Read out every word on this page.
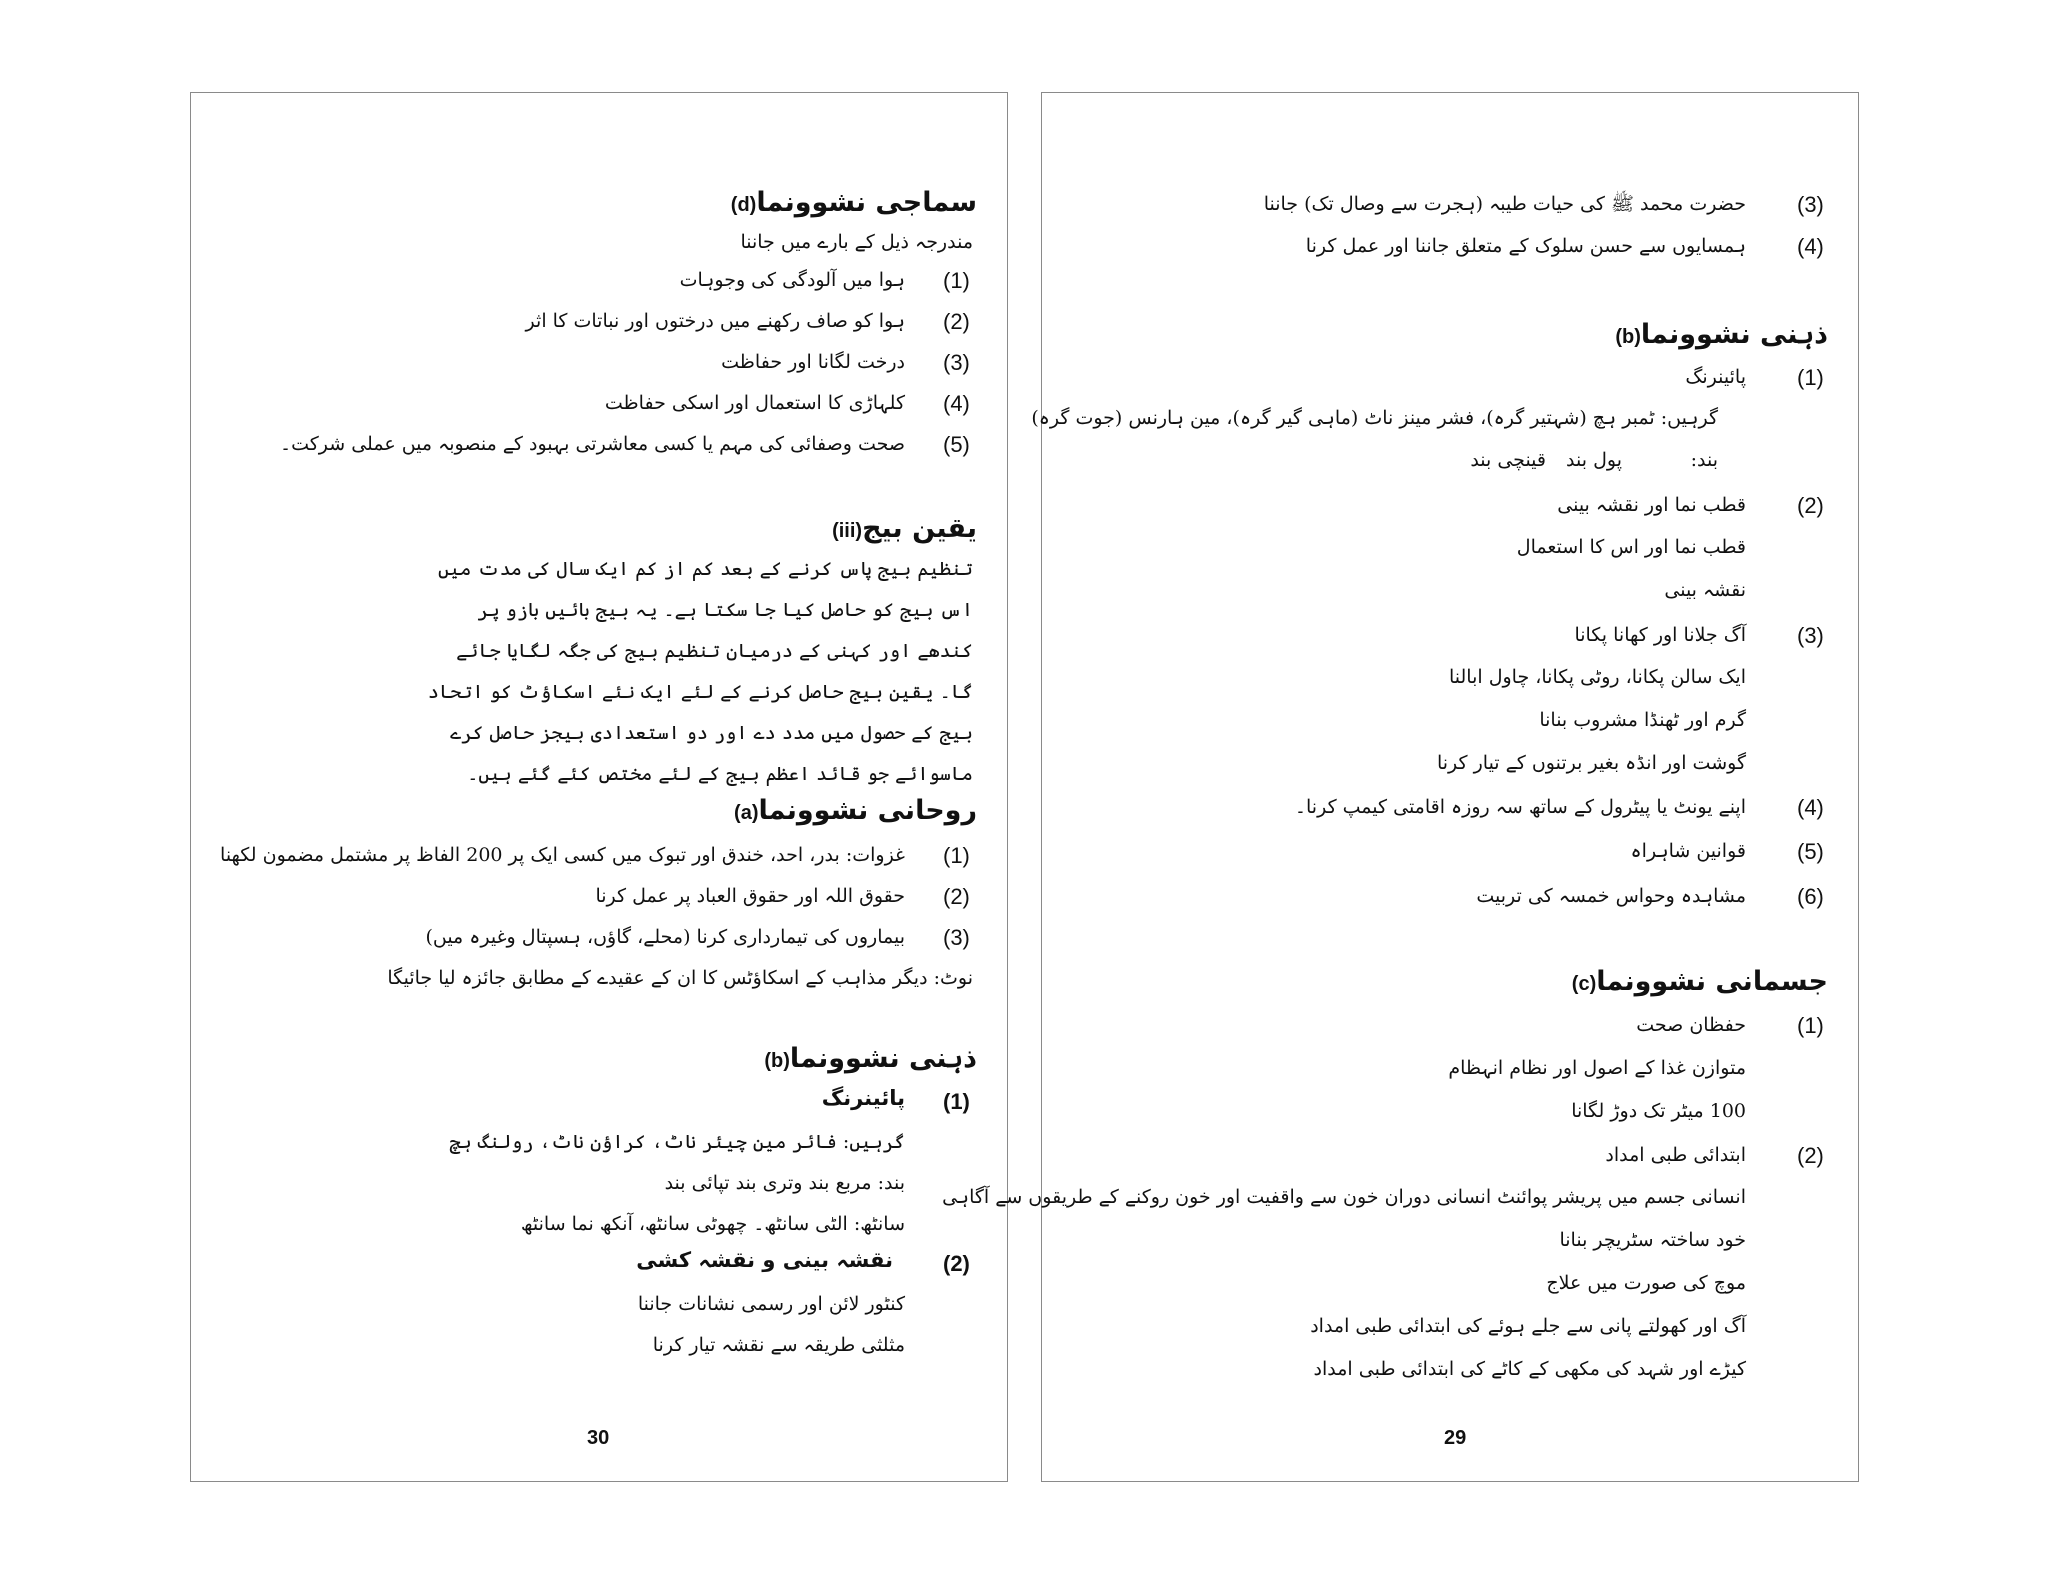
سماجی نشوونما(d)
مندرجہ ذیل کے بارے میں جاننا
(1)
ہوا میں آلودگی کی وجوہات
(2)
ہوا کو صاف رکھنے میں درختوں اور نباتات کا اثر
(3)
درخت لگانا اور حفاظت
(4)
کلہاڑی کا استعمال اور اسکی حفاظت
(5)
صحت وصفائی کی مہم یا کسی معاشرتی بہبود کے منصوبہ میں عملی شرکت۔
یقین بیج(iii)
تنظیم بیج پاس کرنے کے بعد کم از کم ایک سال کی مدت میں اس بیج کو حاصل کیا جا سکتا ہے۔ یہ بیج بائیں بازو پر کندھے اور کہنی کے درمیان تنظیم بیج کی جگہ لگایا جائے گا۔ یقین بیج حاصل کرنے کے لئے ایک نئے اسکاؤٹ کو اتحاد بیج کے حصول میں مدد دے اور دو استعدادی بیجز حاصل کرے ماسوائے جو قائد اعظم بیج کے لئے مختص کئے گئے ہیں۔
روحانی نشوونما(a)
(1)
غزوات: بدر، احد، خندق اور تبوک میں کسی ایک پر 200 الفاظ پر مشتمل مضمون لکھنا
(2)
حقوق اللہ اور حقوق العباد پر عمل کرنا
(3)
بیماروں کی تیمارداری کرنا (محلے، گاؤں، ہسپتال وغیرہ میں)
نوٹ: دیگر مذاہب کے اسکاؤٹس کا ان کے عقیدے کے مطابق جائزہ لیا جائیگا
ذہنی نشوونما(b)
(1)
پائینرنگ
گرہیں: فائر مین چیئر ناٹ، کراؤن ناٹ، رولنگ ہچ
بند: مربع بند وتری بند تپائی بند
سانٹھ: الٹی سانٹھ۔ چھوٹی سانٹھ، آنکھ نما سانٹھ
(2)
نقشہ بینی و نقشہ کشی
کنٹور لائن اور رسمی نشانات جاننا
مثلثی طریقہ سے نقشہ تیار کرنا
30
(3)
حضرت محمد ﷺ کی حیات طیبہ (ہجرت سے وصال تک) جاننا
(4)
ہمسایوں سے حسن سلوک کے متعلق جاننا اور عمل کرنا
ذہنی نشوونما(b)
(1)
پائینرنگ
گرہیں: ٹمبر ہچ (شہتیر گرہ)، فشر مینز ناٹ (ماہی گیر گرہ)، مین ہارنس (جوت گرہ)
بند:
پول بند
قینچی بند
(2)
قطب نما اور نقشہ بینی
قطب نما اور اس کا استعمال
نقشہ بینی
(3)
آگ جلانا اور کھانا پکانا
ایک سالن پکانا، روٹی پکانا، چاول ابالنا
گرم اور ٹھنڈا مشروب بنانا
گوشت اور انڈہ بغیر برتنوں کے تیار کرنا
(4)
اپنے یونٹ یا پیٹرول کے ساتھ سہ روزہ اقامتی کیمپ کرنا۔
(5)
قوانین شاہراہ
(6)
مشاہدہ وحواس خمسہ کی تربیت
جسمانی نشوونما(c)
(1)
حفظان صحت
متوازن غذا کے اصول اور نظام انہظام
100 میٹر تک دوڑ لگانا
(2)
ابتدائی طبی امداد
انسانی جسم میں پریشر پوائنٹ انسانی دوران خون سے واقفیت اور خون روکنے کے طریقوں سے آگاہی
خود ساختہ سٹریچر بنانا
موچ کی صورت میں علاج
آگ اور کھولتے پانی سے جلے ہوئے کی ابتدائی طبی امداد
کیڑے اور شہد کی مکھی کے کاٹے کی ابتدائی طبی امداد
29
